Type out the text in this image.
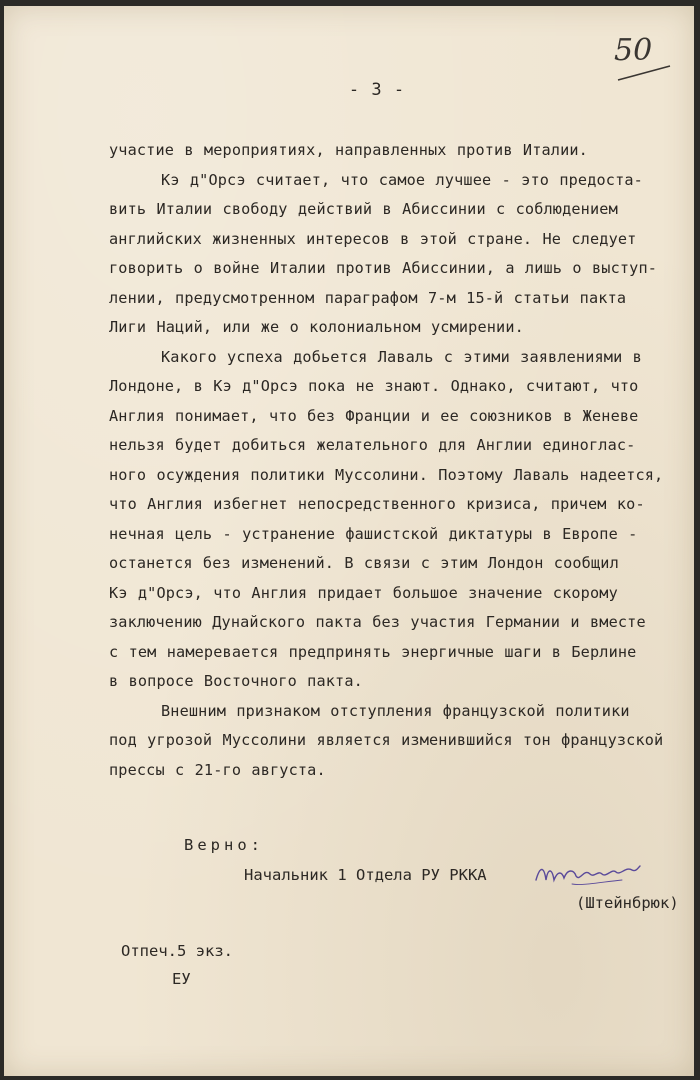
50
- 3 -
участие в мероприятиях, направленных против Италии.
Кэ д"Орсэ считает, что самое лучшее - это предоста-
вить Италии свободу действий в Абиссинии с соблюдением
английских жизненных интересов в этой стране. Не следует
говорить о войне Италии против Абиссинии, а лишь о выступ-
лении, предусмотренном параграфом 7-м 15-й статьи пакта
Лиги Наций, или же о колониальном усмирении.
Какого успеха добьется Лаваль с этими заявлениями в
Лондоне, в Кэ д"Орсэ пока не знают. Однако, считают, что
Англия понимает, что без Франции и ее союзников в Женеве
нельзя будет добиться желательного для Англии единоглас-
ного осуждения политики Муссолини. Поэтому Лаваль надеется,
что Англия избегнет непосредственного кризиса, причем ко-
нечная цель - устранение фашистской диктатуры в Европе -
останется без изменений. В связи с этим Лондон сообщил
Кэ д"Орсэ, что Англия придает большое значение скорому
заключению Дунайского пакта без участия Германии и вместе
с тем намеревается предпринять энергичные шаги в Берлине
в вопросе Восточного пакта.
Внешним признаком отступления французской политики
под угрозой Муссолини является изменившийся тон французской
прессы с 21-го августа.
Верно:
Начальник 1 Отдела РУ РККА
(Штейнбрюк)
Отпеч.5 экз.
ЕУ
